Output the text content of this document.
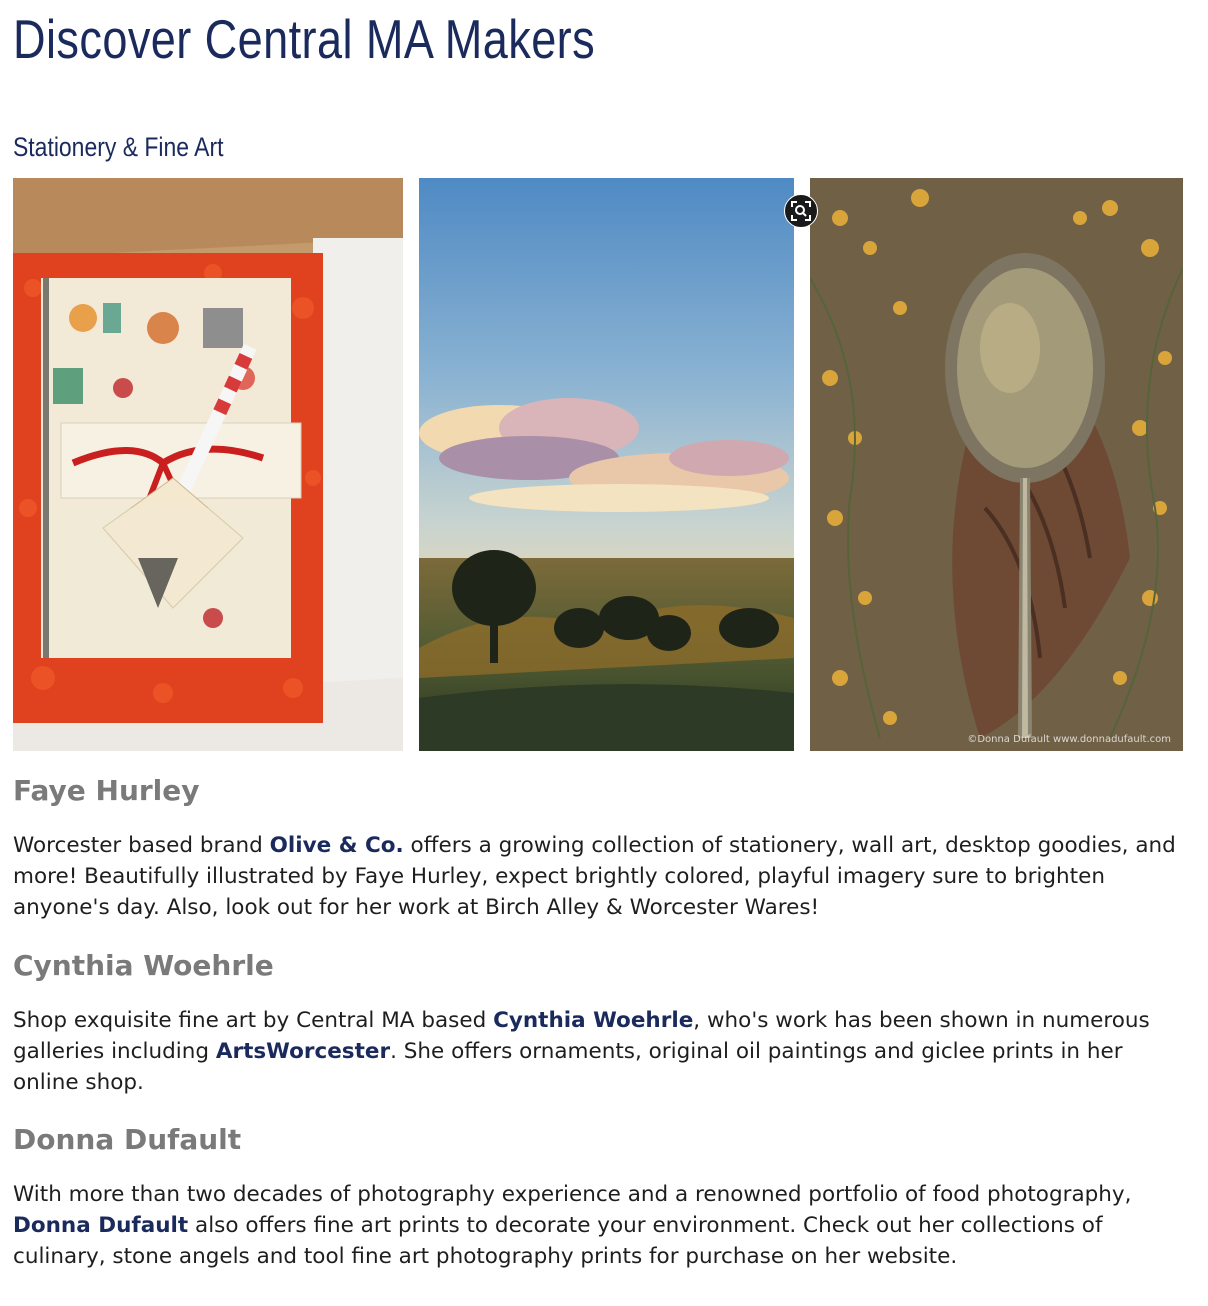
Discover Central MA Makers
Stationery & Fine Art
©Donna Dufault www.donnadufault.com
Faye Hurley

Worcester based brand Olive & Co. offers a growing collection of stationery, wall art, desktop goodies, and more! Beautifully illustrated by Faye Hurley, expect brightly colored, playful imagery sure to brighten anyone's day. Also, look out for her work at Birch Alley & Worcester Wares!

Cynthia Woehrle

Shop exquisite fine art by Central MA based Cynthia Woehrle, who's work has been shown in numerous galleries including ArtsWorcester. She offers ornaments, original oil paintings and giclee prints in her online shop.

Donna Dufault

With more than two decades of photography experience and a renowned portfolio of food photography, Donna Dufault also offers fine art prints to decorate your environment. Check out her collections of culinary, stone angels and tool fine art photography prints for purchase on her website.
